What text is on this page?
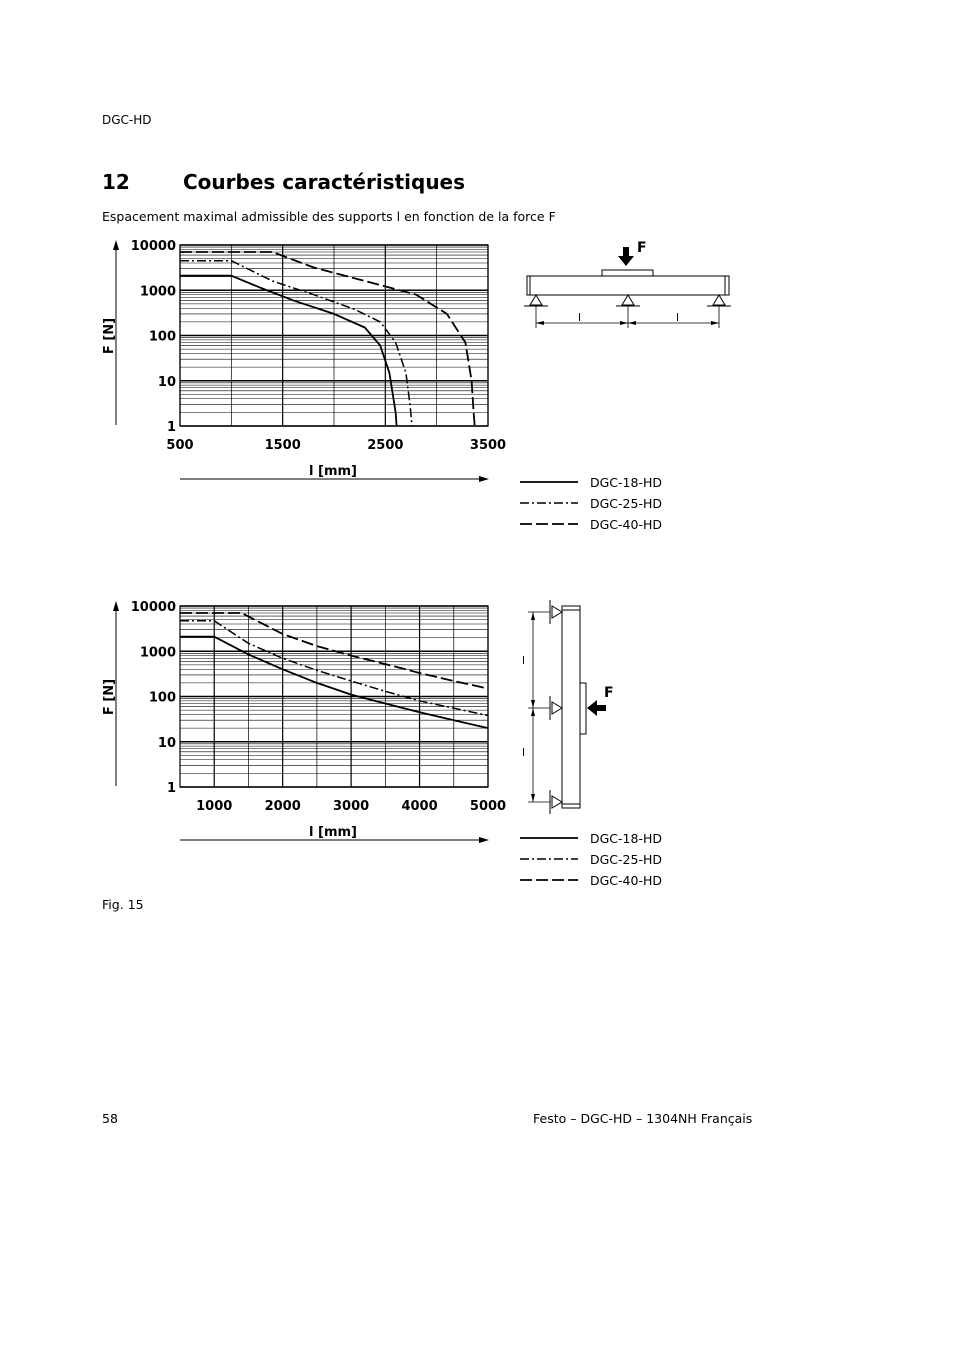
DGC-HD
12	Courbes caractéristiques
Espacement maximal admissible des supports l en fonction de la force F
500	1500	2500	3500
1
10
100
1000
10000
F [N]
l [mm]
DGC-18-HD
DGC-25-HD
DGC-40-HD
1000 2000 3000 4000 5000
1
10
100
1000
10000
F [N]
l [mm]	DGC-18-HD
DGC-25-HD
DGC-40-HD
F
l	l
F
l
l
Fig. 15
58	Festo – DGC-HD – 1304NH Français
